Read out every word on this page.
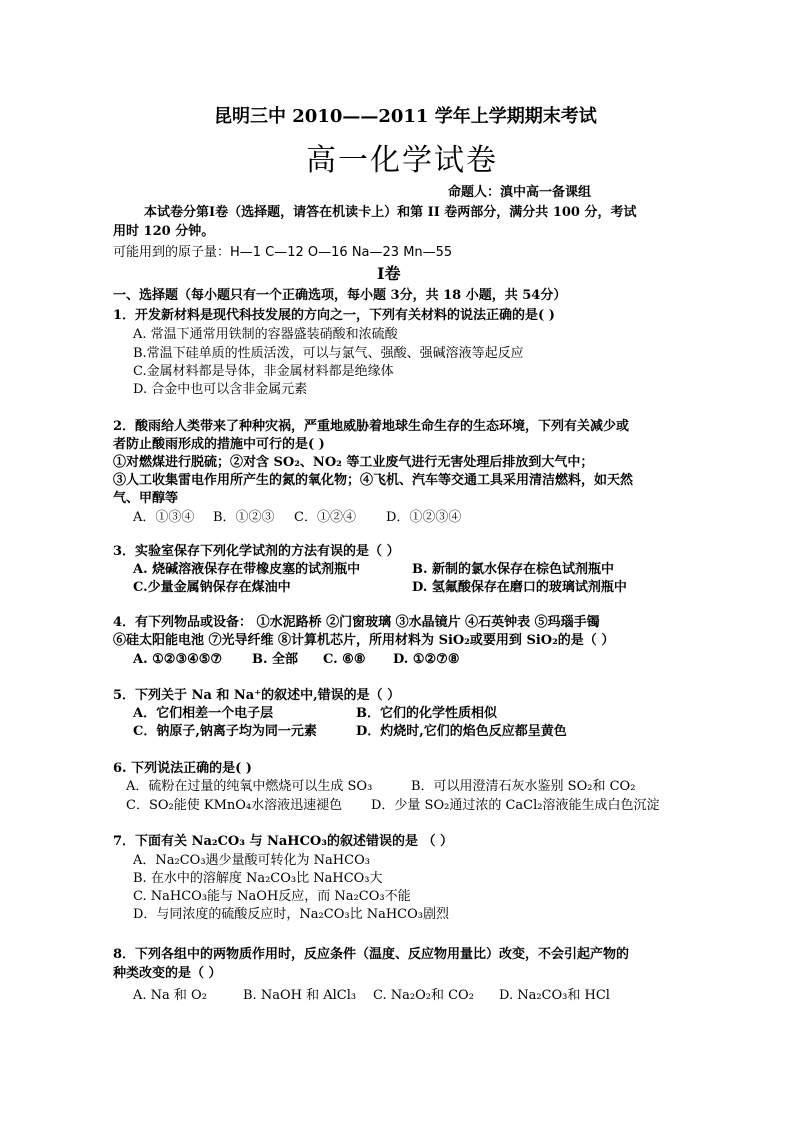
昆明三中 2010——2011 学年上学期期末考试
高一化学试卷
命题人：滇中高一备课组
本试卷分第Ⅰ卷（选择题，请答在机读卡上）和第 II 卷两部分，满分共 100 分，考试
用时 120 分钟。
可能用到的原子量：H—1 C—12 O—16 Na—23 Mn—55
Ⅰ卷
一、选择题（每小题只有一个正确选项，每小题 3分，共 18 小题，共 54分）
1．开发新材料是现代科技发展的方向之一，下列有关材料的说法正确的是( )
A. 常温下通常用铁制的容器盛装硝酸和浓硫酸
B.常温下硅单质的性质活泼，可以与氯气、强酸、强碱溶液等起反应
C.金属材料都是导体，非金属材料都是绝缘体
D. 合金中也可以含非金属元素
2．酸雨给人类带来了种种灾祸，严重地威胁着地球生命生存的生态环境，下列有关减少或
者防止酸雨形成的措施中可行的是( )
①对燃煤进行脱硫；②对含 SO₂、NO₂ 等工业废气进行无害处理后排放到大气中；
③人工收集雷电作用所产生的氮的氧化物；④飞机、汽车等交通工具采用清洁燃料，如天然
气、甲醇等
A．①③④ B．①②③ C．①②④ D．①②③④
3．实验室保存下列化学试剂的方法有误的是（ ）
A. 烧碱溶液保存在带橡皮塞的试剂瓶中	B. 新制的氯水保存在棕色试剂瓶中
C.少量金属钠保存在煤油中	D. 氢氟酸保存在磨口的玻璃试剂瓶中
4．有下列物品或设备： ①水泥路桥 ②门窗玻璃 ③水晶镜片 ④石英钟表 ⑤玛瑙手镯
⑥硅太阳能电池 ⑦光导纤维 ⑧计算机芯片，所用材料为 SiO₂或要用到 SiO₂的是（ ）
A. ①②③④⑤⑦ B. 全部 C. ⑥⑧ D. ①②⑦⑧
5．下列关于 Na 和 Na⁺的叙述中,错误的是（ ）
A．它们相差一个电子层	B．它们的化学性质相似
C．钠原子,钠离子均为同一元素	D．灼烧时,它们的焰色反应都呈黄色
6. 下列说法正确的是( )
A．硫粉在过量的纯氧中燃烧可以生成 SO₃	B．可以用澄清石灰水鉴别 SO₂和 CO₂
C．SO₂能使 KMnO₄水溶液迅速褪色 D．少量 SO₂通过浓的 CaCl₂溶液能生成白色沉淀
7．下面有关 Na₂CO₃ 与 NaHCO₃的叙述错误的是 （ ）
A．Na₂CO₃遇少量酸可转化为 NaHCO₃
B. 在水中的溶解度 Na₂CO₃比 NaHCO₃大
C. NaHCO₃能与 NaOH反应，而 Na₂CO₃不能
D．与同浓度的硫酸反应时，Na₂CO₃比 NaHCO₃剧烈
8．下列各组中的两物质作用时，反应条件（温度、反应物用量比）改变，不会引起产物的
种类改变的是（ ）
A. Na 和 O₂	B. NaOH 和 AlCl₃ C. Na₂O₂和 CO₂ D. Na₂CO₃和 HCl
